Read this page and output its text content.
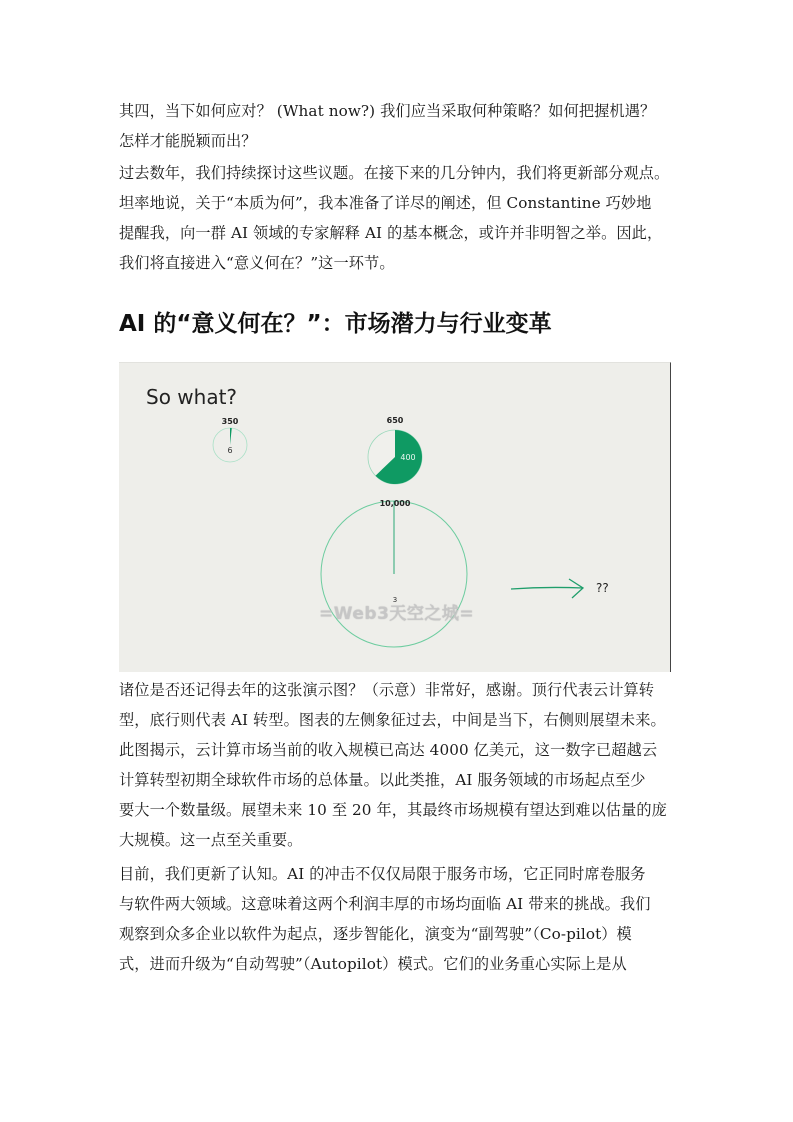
其四，当下如何应对？ (What now?) 我们应当采取何种策略？如何把握机遇？
怎样才能脱颖而出？
过去数年，我们持续探讨这些议题。在接下来的几分钟内，我们将更新部分观点。
坦率地说，关于“本质为何”，我本准备了详尽的阐述，但 Constantine 巧妙地
提醒我，向一群 AI 领域的专家解释 AI 的基本概念，或许并非明智之举。因此，
我们将直接进入“意义何在？”这一环节。
AI 的“意义何在？”：市场潜力与行业变革
So what?
350
6
650
400
10,000
3
??
=Web3天空之城=
诸位是否还记得去年的这张演示图？（示意）非常好，感谢。顶行代表云计算转
型，底行则代表 AI 转型。图表的左侧象征过去，中间是当下，右侧则展望未来。
此图揭示，云计算市场当前的收入规模已高达 4000 亿美元，这一数字已超越云
计算转型初期全球软件市场的总体量。以此类推，AI 服务领域的市场起点至少
要大一个数量级。展望未来 10 至 20 年，其最终市场规模有望达到难以估量的庞
大规模。这一点至关重要。
目前，我们更新了认知。AI 的冲击不仅仅局限于服务市场，它正同时席卷服务
与软件两大领域。这意味着这两个利润丰厚的市场均面临 AI 带来的挑战。我们
观察到众多企业以软件为起点，逐步智能化，演变为“副驾驶”（Co-pilot）模
式，进而升级为“自动驾驶”（Autopilot）模式。它们的业务重心实际上是从
